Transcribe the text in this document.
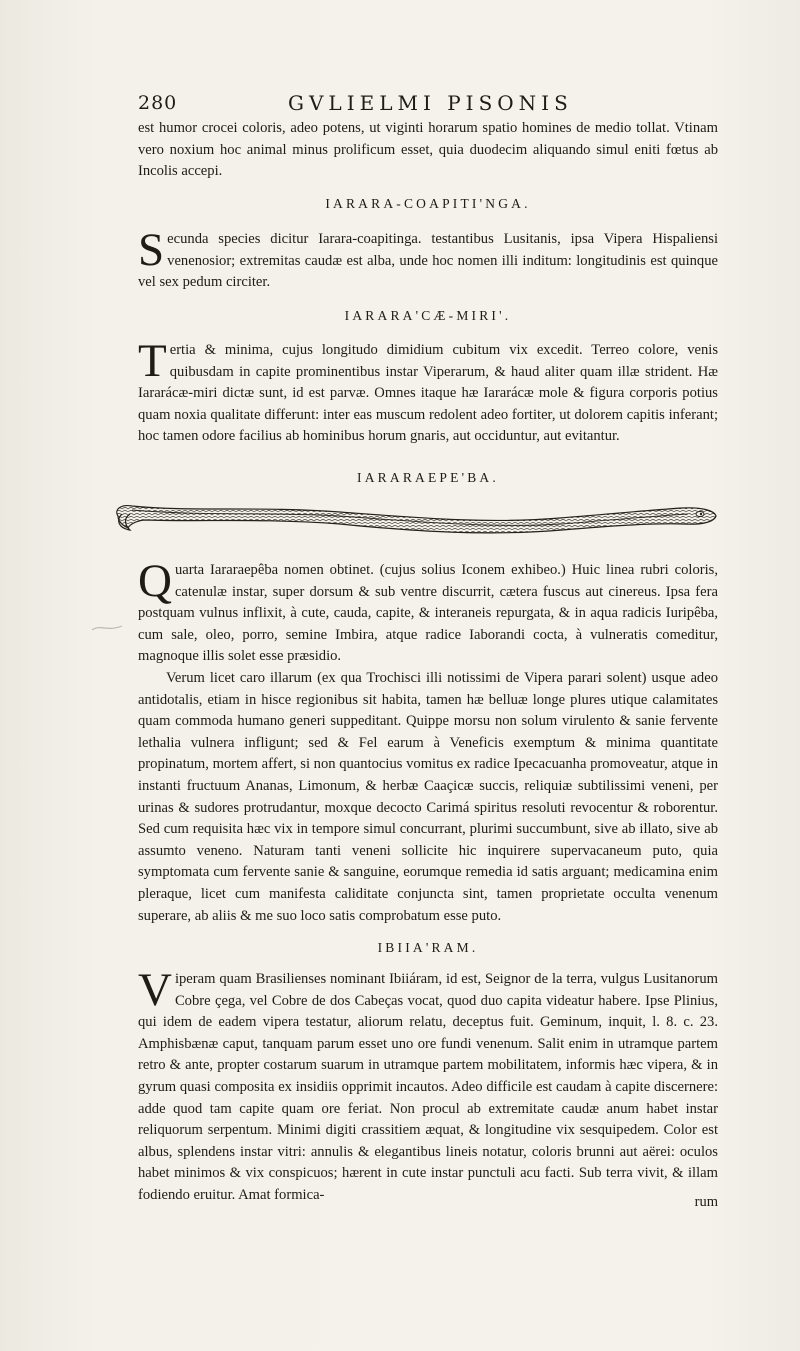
280	GVLIELMI PISONIS

est humor crocei coloris, adeo potens, ut viginti horarum spatio homines de medio tollat. Vtinam vero noxium hoc animal minus prolificum esset, quia duodecim aliquando simul eniti fœtus ab Incolis accepi.

IARARA-COAPITI'NGA.

Secunda species dicitur Iarara-coapitinga. testantibus Lusitanis, ipsa Vipera Hispaliensi venenosior; extremitas caudæ est alba, unde hoc nomen illi inditum: longitudinis est quinque vel sex pedum circiter.

IARARA'CÆ-MIRI'.

Tertia & minima, cujus longitudo dimidium cubitum vix excedit. Terreo colore, venis quibusdam in capite prominentibus instar Viperarum, & haud aliter quam illæ strident. Hæ Iararácæ-miri dictæ sunt, id est parvæ. Omnes itaque hæ Iararácæ mole & figura corporis potius quam noxia qualitate differunt: inter eas muscum redolent adeo fortiter, ut dolorem capitis inferant; hoc tamen odore facilius ab hominibus horum gnaris, aut occiduntur, aut evitantur.

IARARAEPE'BA.

Quarta Iararaepêba nomen obtinet. (cujus solius Iconem exhibeo.) Huic linea rubri coloris, catenulæ instar, super dorsum & sub ventre discurrit, cætera fuscus aut cinereus. Ipsa fera postquam vulnus inflixit, à cute, cauda, capite, & interaneis repurgata, & in aqua radicis Iuripêba, cum sale, oleo, porro, semine Imbira, atque radice Iaborandi cocta, à vulneratis comeditur, magnoque illis solet esse præsidio.

Verum licet caro illarum (ex qua Trochisci illi notissimi de Vipera parari solent) usque adeo antidotalis, etiam in hisce regionibus sit habita, tamen hæ belluæ longe plures utique calamitates quam commoda humano generi suppeditant. Quippe morsu non solum virulento & sanie fervente lethalia vulnera infligunt; sed & Fel earum à Veneficis exemptum & minima quantitate propinatum, mortem affert, si non quantocius vomitus ex radice Ipecacuanha promoveatur, atque in instanti fructuum Ananas, Limonum, & herbæ Caaçicæ succis, reliquiæ subtilissimi veneni, per urinas & sudores protrudantur, moxque decocto Carimá spiritus resoluti revocentur & roborentur. Sed cum requisita hæc vix in tempore simul concurrant, plurimi succumbunt, sive ab illato, sive ab assumto veneno. Naturam tanti veneni sollicite hic inquirere supervacaneum puto, quia symptomata cum fervente sanie & sanguine, eorumque remedia id satis arguant; medicamina enim pleraque, licet cum manifesta caliditate conjuncta sint, tamen proprietate occulta venenum superare, ab aliis & me suo loco satis comprobatum esse puto.

IBIIA'RAM.

Viperam quam Brasilienses nominant Ibiiáram, id est, Seignor de la terra, vulgus Lusitanorum Cobre çega, vel Cobre de dos Cabeças vocat, quod duo capita videatur habere. Ipse Plinius, qui idem de eadem vipera testatur, aliorum relatu, deceptus fuit. Geminum, inquit, l. 8. c. 23. Amphisbænæ caput, tanquam parum esset uno ore fundi venenum. Salit enim in utramque partem retro & ante, propter costarum suarum in utramque partem mobilitatem, informis hæc vipera, & in gyrum quasi composita ex insidiis opprimit incautos. Adeo difficile est caudam à capite discernere: adde quod tam capite quam ore feriat. Non procul ab extremitate caudæ anum habet instar reliquorum serpentum. Minimi digiti crassitiem æquat, & longitudine vix sesquipedem. Color est albus, splendens instar vitri: annulis & elegantibus lineis notatur, coloris brunni aut aërei: oculos habet minimos & vix conspicuos; hærent in cute instar punctuli acu facti. Sub terra vivit, & illam fodiendo eruitur. Amat formica-	rum
